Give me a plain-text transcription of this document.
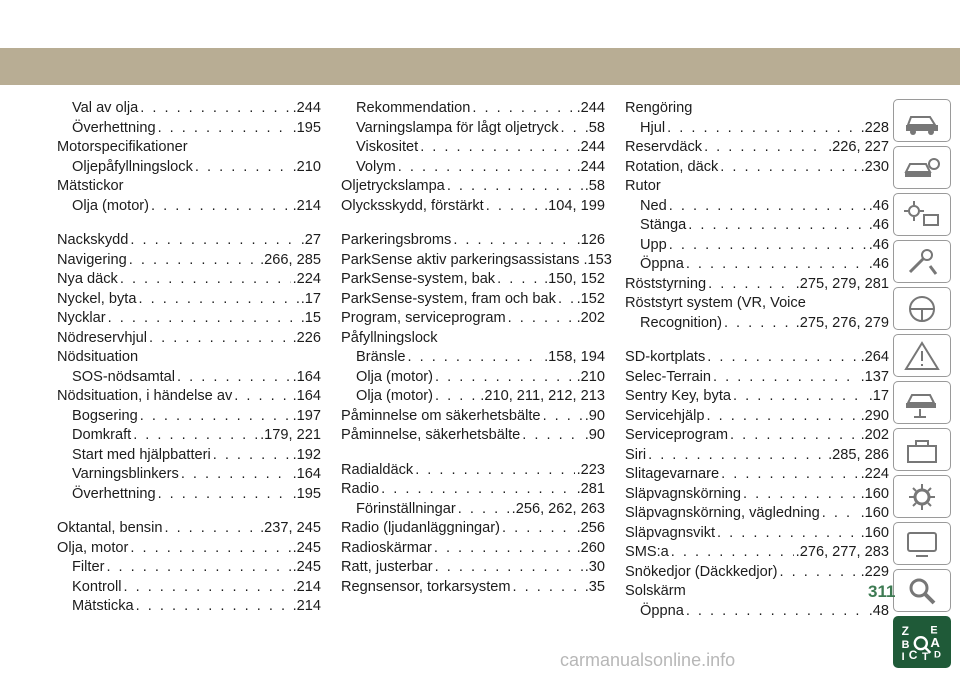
Val av olja . . .	.244
Överhettning . . .	.195
Motorspecifikationer
Oljepåfyllningslock . . .	.210
Mätstickor
Olja (motor) . . .	.214
Nackskydd . . .	.27
Navigering . . .	.266, 285
Nya däck . . .	.224
Nyckel, byta . . .	.17
Nycklar . . .	.15
Nödreservhjul . . .	.226
Nödsituation
SOS-nödsamtal . . .	.164
Nödsituation, i händelse av . . .	.164
Bogsering . . .	.197
Domkraft . . .	.179, 221
Start med hjälpbatteri . . .	.192
Varningsblinkers . . .	.164
Överhettning . . .	.195
Oktantal, bensin . . .	.237, 245
Olja, motor . . .	.245
Filter . . .	.245
Kontroll . . .	.214
Mätsticka . . .	.214
Rekommendation . . .	.244
Varningslampa för lågt oljetryck . . . .58
Viskositet . . .	.244
Volym . . .	.244
Oljetryckslampa . . .	.58
Olycksskydd, förstärkt . . .	.104, 199
Parkeringsbroms . . .	.126
ParkSense aktiv parkeringsassistans .153
ParkSense-system, bak . . .	.150, 152
ParkSense-system, fram och bak . . . .152
Program, serviceprogram . . .	.202
Påfyllningslock
Bränsle . . .	.158, 194
Olja (motor) . . .	.210
Olja (motor) . . .	.210, 211, 212, 213
Påminnelse om säkerhetsbälte . . .	.90
Påminnelse, säkerhetsbälte . . .	.90
Radialdäck . . .	.223
Radio . . .	.281
Förinställningar . . .	.256, 262, 263
Radio (ljudanläggningar) . . .	.256
Radioskärmar . . .	.260
Ratt, justerbar . . .	.30
Regnsensor, torkarsystem . . .	.35
Rengöring
Hjul . . .	.228
Reservdäck . . .	.226, 227
Rotation, däck . . .	.230
Rutor
Ned . . .	.46
Stänga . . .	.46
Upp . . .	.46
Öppna . . .	.46
Röststyrning . . .	.275, 279, 281
Röststyrt system (VR, Voice
Recognition) . . .	.275, 276, 279
SD-kortplats . . .	.264
Selec-Terrain . . .	.137
Sentry Key, byta . . .	.17
Servicehjälp . . .	.290
Serviceprogram . . .	.202
Siri . . .	.285, 286
Slitagevarnare . . .	.224
Släpvagnskörning . . .	.160
Släpvagnskörning, vägledning . . .	.160
Släpvagnsvikt . . .	.160
SMS:a . . .	.276, 277, 283
Snökedjor (Däckkedjor) . . .	.229
Solskärm
Öppna . . .	.48
Z E
B A
C D
I T
311
carmanualsonline.info
